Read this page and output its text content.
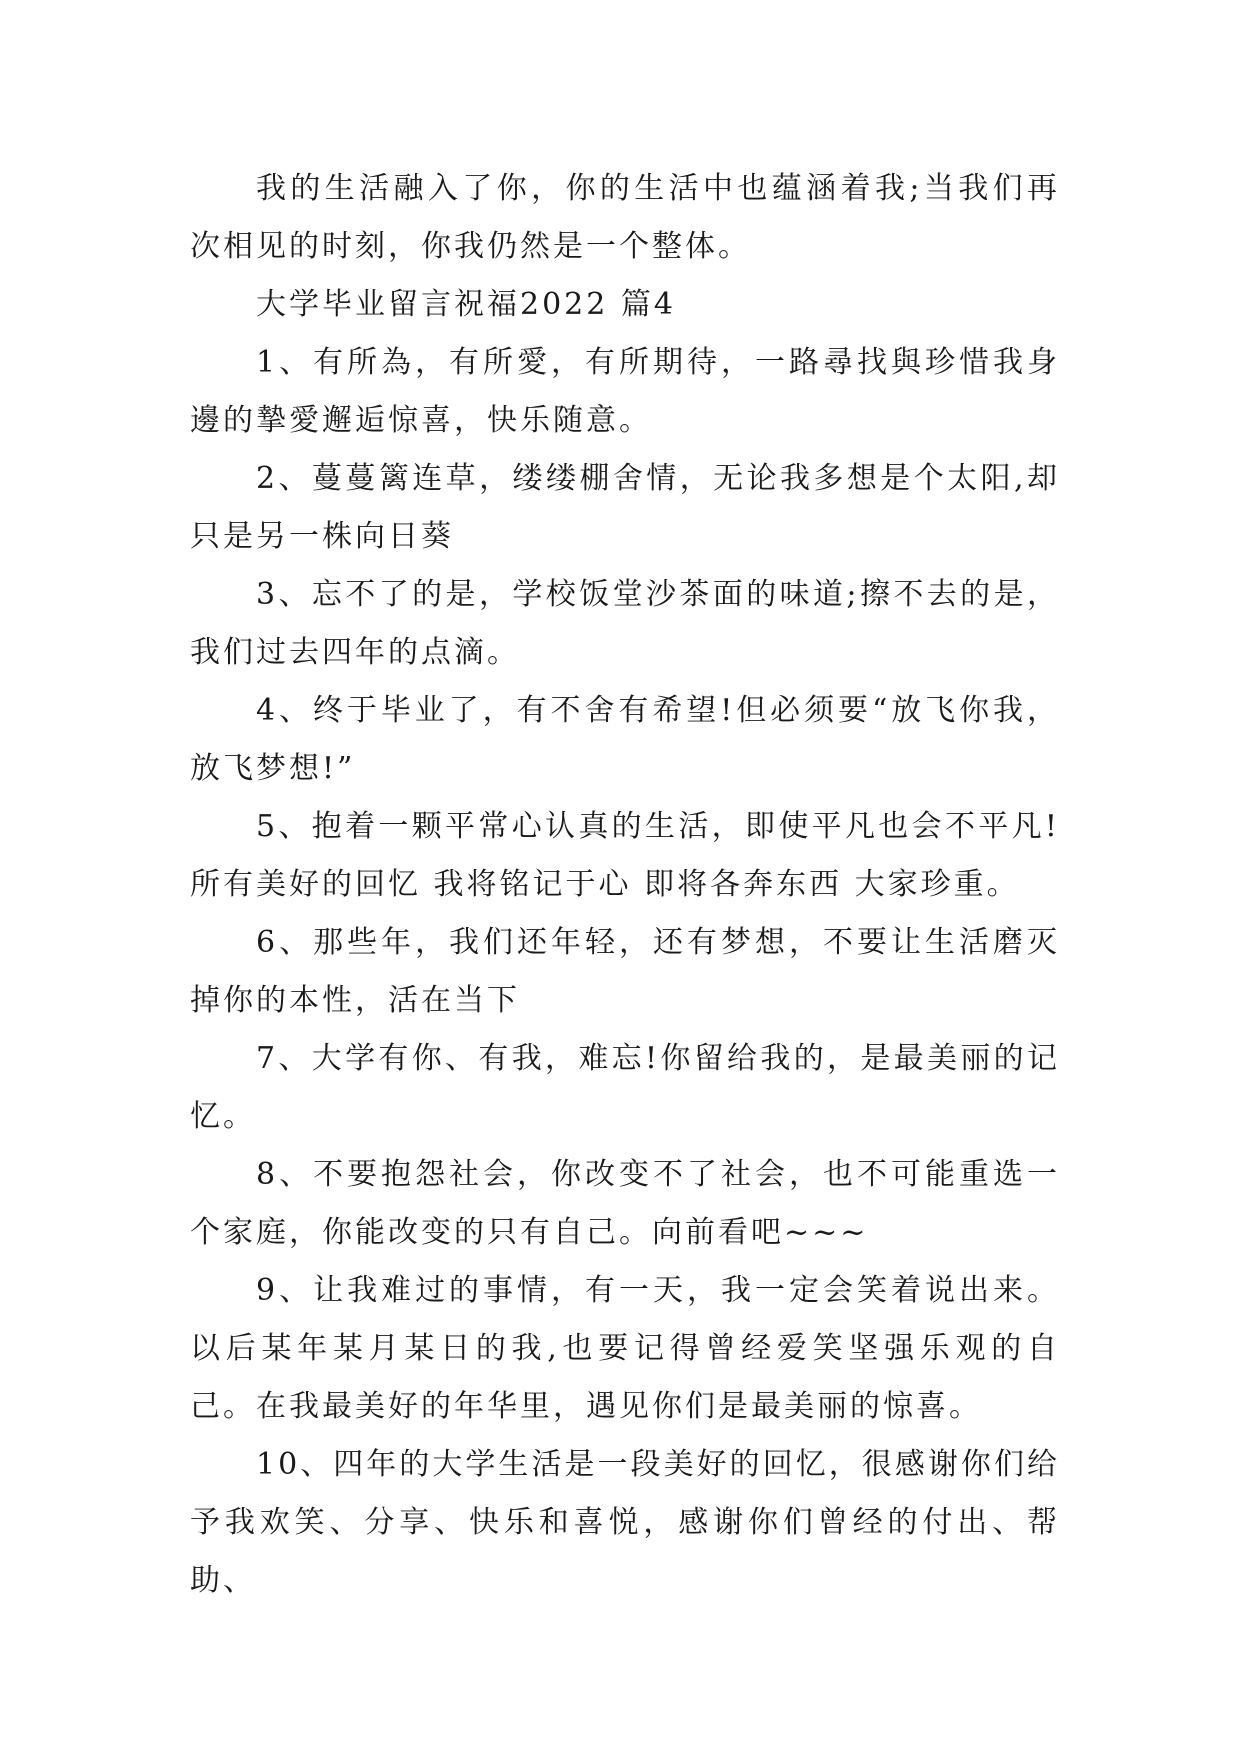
我的生活融入了你，你的生活中也蕴涵着我;当我们再次相见的时刻，你我仍然是一个整体。

大学毕业留言祝福2022 篇4

1、有所為，有所愛，有所期待，一路尋找與珍惜我身邊的摯愛邂逅惊喜，快乐随意。

2、蔓蔓篱连草，缕缕棚舍情，无论我多想是个太阳,却只是另一株向日葵

3、忘不了的是，学校饭堂沙茶面的味道;擦不去的是，我们过去四年的点滴。

4、终于毕业了，有不舍有希望!但必须要“放飞你我，放飞梦想!”

5、抱着一颗平常心认真的生活，即使平凡也会不平凡!所有美好的回忆 我将铭记于心 即将各奔东西 大家珍重。

6、那些年，我们还年轻，还有梦想，不要让生活磨灭掉你的本性，活在当下

7、大学有你、有我，难忘!你留给我的，是最美丽的记忆。

8、不要抱怨社会，你改变不了社会，也不可能重选一个家庭，你能改变的只有自己。向前看吧~~~

9、让我难过的事情，有一天，我一定会笑着说出来。以后某年某月某日的我,也要记得曾经爱笑坚强乐观的自己。在我最美好的年华里，遇见你们是最美丽的惊喜。

10、四年的大学生活是一段美好的回忆，很感谢你们给予我欢笑、分享、快乐和喜悦，感谢你们曾经的付出、帮助、
